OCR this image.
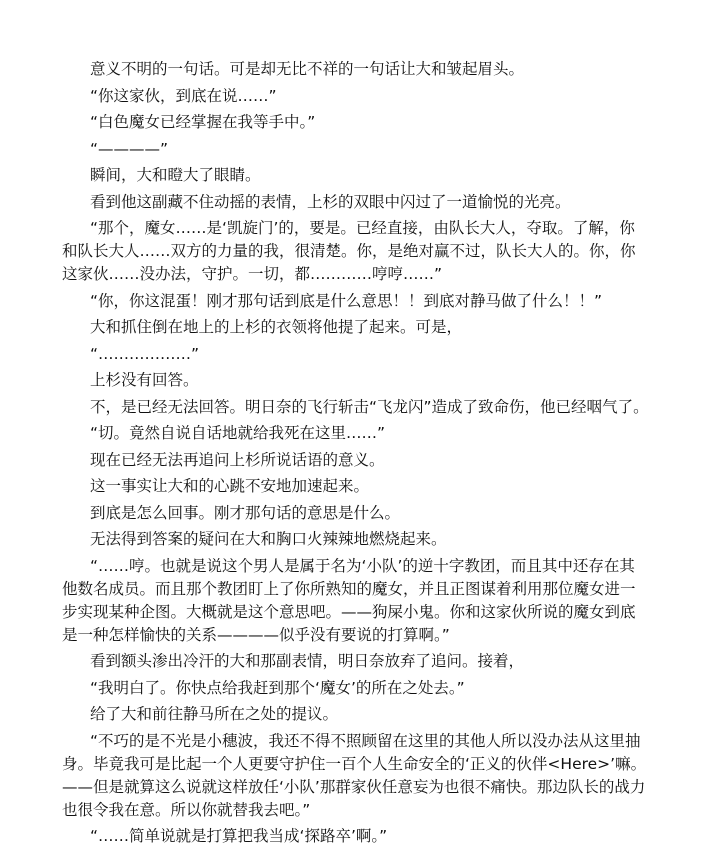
意义不明的一句话。可是却无比不祥的一句话让大和皱起眉头。

“你这家伙，到底在说……”

“白色魔女已经掌握在我等手中。”

“————”

瞬间，大和瞪大了眼睛。

看到他这副藏不住动摇的表情，上杉的双眼中闪过了一道愉悦的光亮。

“那个，魔女……是‘凯旋门’的，要是。已经直接，由队长大人，夺取。了解，你和队长大人……双方的力量的我，很清楚。你，是绝对赢不过，队长大人的。你，你这家伙……没办法，守护。一切，都…………哼哼……”

“你，你这混蛋！刚才那句话到底是什么意思！！到底对静马做了什么！！”

大和抓住倒在地上的上杉的衣领将他提了起来。可是，

“………………”

上杉没有回答。

不，是已经无法回答。明日奈的飞行斩击“飞龙闪”造成了致命伤，他已经咽气了。

“切。竟然自说自话地就给我死在这里……”

现在已经无法再追问上杉所说话语的意义。

这一事实让大和的心跳不安地加速起来。

到底是怎么回事。刚才那句话的意思是什么。

无法得到答案的疑问在大和胸口火辣辣地燃烧起来。

“……哼。也就是说这个男人是属于名为‘小队’的逆十字教团，而且其中还存在其他数名成员。而且那个教团盯上了你所熟知的魔女，并且正图谋着利用那位魔女进一步实现某种企图。大概就是这个意思吧。——狗屎小鬼。你和这家伙所说的魔女到底是一种怎样愉快的关系————似乎没有要说的打算啊。”

看到额头渗出冷汗的大和那副表情，明日奈放弃了追问。接着，

“我明白了。你快点给我赶到那个‘魔女’的所在之处去。”

给了大和前往静马所在之处的提议。

“不巧的是不光是小穗波，我还不得不照顾留在这里的其他人所以没办法从这里抽身。毕竟我可是比起一个人更要守护住一百个人生命安全的‘正义的伙伴<Here>’嘛。——但是就算这么说就这样放任‘小队’那群家伙任意妄为也很不痛快。那边队长的战力也很令我在意。所以你就替我去吧。”

“……简单说就是打算把我当成‘探路卒’啊。”
